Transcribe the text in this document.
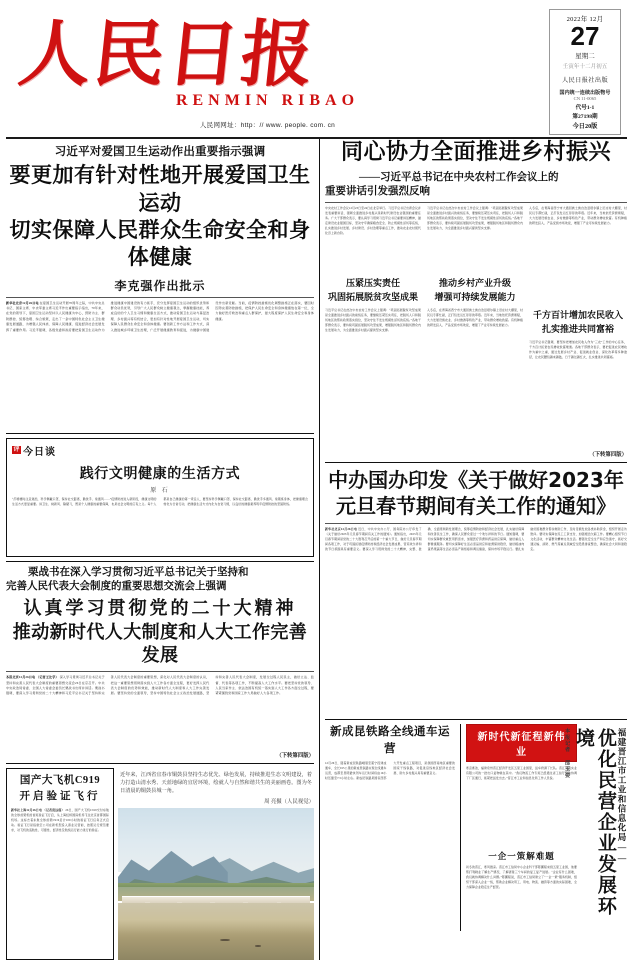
人民日报
RENMIN RIBAO
人民网网址：http：// www. people. com. cn
2022年 12月
27
星期二
壬寅年十二月初五
人民日报社出版
国内统一连续出版物号
CN 11-0065
代号1-1
第27198期
今日20版
习近平对爱国卫生运动作出重要指示强调
要更加有针对性地开展爱国卫生运动
切实保障人民群众生命安全和身体健康
李克强作出批示

新华社北京12月26日电 在爱国卫生运动开展70周年之际，中共中央总书记、国家主席、中央军委主席习近平作出重要指示指出，70年来，在党的领导下，爱国卫生运动坚持以人民健康为中心，预防为主、群防群控、统筹治理、综合施策，走出了一条中国特色社会主义卫生健康发展道路，为增强人民体质、保障人民健康、促进经济社会发展发挥了重要作用。习近平强调，各级党委和政府要把爱国卫生运动作为推进健康中国建设的有力抓手，充分发挥爱国卫生运动的组织优势和群众动员优势，引导广大人民群众树立健康观念，掌握健康技能，养成良好的个人卫生习惯和健康生活方式，推动爱国卫生运动与基层治理、乡村振兴等有机结合，更加有针对性地开展爱国卫生运动，切实保障人民群众生命安全和身体健康。要创新工作方法和工作方式，深入推进城乡环境卫生治理，广泛开展健康教育和促进，为健康中国建设作出新贡献。当前，疫情防控措施优化调整措施正在落实，要因时因势完善防控措施，把保护人民生命安全和身体健康放在第一位，全力做好医疗救治和重点人群保护，最大程度保护人民生命安全和身体健康。

评 今日谈
践行文明健康的生活方式
原 石

“打喷嚏时注意遮挡，科学佩戴口罩，保持社交距离，勤洗手、常通风……”疫情防控进入新阶段，健康文明的生活方式更显重要。讲卫生、树新风、除陋习，既是个人健康的重要保障，也是社会文明的应有之义。每个人都是自己健康的第一责任人，要坚持科学佩戴口罩、保持社交距离、勤洗手多通风、常锻炼身体，把健康理念转化为日常行动，把健康生活方式内化为自觉习惯，以良好的健康素养筑牢疫情防控的坚固防线。

栗战书在深入学习贯彻习近平总书记关于坚持和
完善人民代表大会制度的重要思想交流会上强调
认真学习贯彻党的二十大精神
推动新时代人大制度和人大工作完善发展

本报北京12月26日电 （记者王比学） 深入学习贯彻习近平总书记关于坚持和完善人民代表大会制度的重要思想交流会26日在京召开。中共中央政治局常委、全国人大常委会委员长栗战书出席并讲话。栗战书强调，要深入学习贯彻党的二十大精神和习近平总书记关于坚持和完善人民代表大会制度的重要思想，深化对人民代表大会制度的认识，把这一重要思想贯彻落实到人大工作各方面全过程，更好发挥人民代表大会制度的优势和效能，推动新时代人大制度和人大工作完善发展。要坚持党的全面领导，坚持中国特色社会主义政治发展道路，坚持和完善人民代表大会制度，发展全过程人民民主，做好立法、监督、代表等各项工作，不断提高人大工作水平。要把坚持党的领导、人民当家作主、依法治国有机统一落实到人大工作各方面全过程，要紧紧围绕党和国家工作大局做好人大各项工作。

（下转第四版）
国产大飞机C919
开启验证飞行
新华社上海12月26日电 （记者贾远琨） 26日，国产大飞机C919交付东航的全球首架机的首班验证飞行启，从上海虹桥国际机场飞往北京首都国际机场。这标志着东航全球首架C919启计100小时的验证飞行任务正式启动。验证飞行是指航空公司在新机型投入商业运营前，按照运行规范要求，对飞机的适航性、可靠性、经济性及航线运行能力进行的验证。
近年来，江西省宜春市铜鼓县坚持生态优先、绿色发展，持续推进生态文明建设，着力打造山清水秀、天蓝地绿的宜居环境，绘就人与自然和谐共生的美丽画卷。图为冬日清晨的铜鼓县城一角。
周 亮摄（人民视觉）
同心协力全面推进乡村振兴
——习近平总书记在中央农村工作会议上的
重要讲话引发强烈反响
中央农村工作会议12月23日至24日在北京举行。习近平总书记出席会议并发表重要讲话，强调全面推进乡村振兴是新时代建设农业强国的重要任务。广大干部群众表示，要认真学习贯彻习近平总书记重要讲话精神，锚定建设农业强国目标，坚决守牢确保粮食安全、防止规模性返贫等底线，扎实推进乡村发展、乡村建设、乡村治理等重点工作，推动农业农村现代化迈上新台阶。
压紧压实责任
巩固拓展脱贫攻坚成果
习近平总书记在此次中央农村工作会议上强调：“巩固拓展脱贫攻坚成果是全面推进乡村振兴的前线任务，要继续压紧压实责任，把脱贫人口和脱贫地区的帮扶政策落实到位，坚决守住不发生规模性返贫的底线。”各地干部群众表示，要持续巩固拓展脱贫攻坚成果，增强脱贫地区和脱贫群众内生发展动力，为全面推进乡村振兴提供坚实支撑。
习近平总书记在此次中央农村工作会议上强调：“巩固拓展脱贫攻坚成果是全面推进乡村振兴的前线任务，要继续压紧压实责任，把脱贫人口和脱贫地区的帮扶政策落实到位，坚决守住不发生规模性返贫的底线。”各地干部群众表示，要持续巩固拓展脱贫攻坚成果，增强脱贫地区和脱贫群众内生发展动力，为全面推进乡村振兴提供坚实支撑。
推动乡村产业升级
增强可持续发展能力
入冬后，在青海省西宁市大通回族土族自治县塔尔镇上旧庄村大棚里，村民们专都忙碌，正打包发运红彤彤的草莓。近年来，当地依托资源禀赋，大力发展设施农业、乡村旅游等特色产业，带动群众增收致富。有机种植的研发投入、产品受到市场欢迎，增强了产业可持续发展能力。
入冬后，在青海省西宁市大通回族土族自治县塔尔镇上旧庄村大棚里，村民们专都忙碌，正打包发运红彤彤的草莓。近年来，当地依托资源禀赋，大力发展设施农业、乡村旅游等特色产业，带动群众增收致富。有机种植的研发投入、产品受到市场欢迎，增强了产业可持续发展能力。
千方百计增加农民收入
扎实推进共同富裕
习近平总书记强调，要坚持把增加农民收入作为“三农”工作的中心任务，千方百计拓宽农民增收致富渠道。各地干部群众表示，要把促进农民增收作为重中之重，通过发展乡村产业、促进就业创业、深化改革等多种途径，让农民腰包越来越鼓、日子越过越红火，扎实推进共同富裕。
（下转第四版）
中办国办印发《关于做好2023年
元旦春节期间有关工作的通知》

新华社北京12月26日电 近日，中共中央办公厅、国务院办公厅印发了《关于做好2023年元旦春节期间有关工作的通知》。通知指出，2023年元旦春节期间是党的二十大胜利召开后的第一个重大节日，做好元旦春节期间各项工作，对于巩固拓展疫情防控和经济社会发展成果、营造欢乐祥和的节日氛围具有重要意义。要深入学习贯彻党的二十大精神，完整、准确、全面贯彻新发展理念，统筹疫情防控和经济社会发展，扎实做好保障和改善民生工作，确保人民群众度过一个欢乐祥和的节日。通知强调，要切实保障群众就医用药需求，加强医疗资源和药品供应保障，做好重点人群健康服务。要切实保障好生活必需品供应和能源保供稳价，做好粮油肉蛋奶果蔬等生活必需品产销衔接和调运储备，保持市场平稳运行。要扎实做好困难群众帮扶救助工作，及时足额发放各类补助资金，组织开展走访慰问。要切实保障农民工工资支付，加强根治欠薪工作。要精心组织节日文化活动，丰富群众精神文化生活。要强化安全生产和应急值守，抓好交通运输、消防、燃气等重点领域安全隐患排查整治，确保社会大局和谐稳定。

新成昆铁路全线通车运营

12月26日，随着新成昆铁路峨眉至冕宁段建成通车，全长915公里的新成昆铁路实现全线通车运营，成都至昆明最快列车运行时间将由19小时压缩至7.5小时左右。新成昆铁路是国家西部大开发重点工程项目，是我国西南地区重要的国家干线铁路，对促进沿线地区经济社会发展、助力乡村振兴具有重要意义。

新时代新征程新伟业
寒意渐浓，福建泉州晋江经济开发区五里工业园里，货车挤满了长队。晋江某利实业有限公司的一批出口货物就在其中。“我们物流工作专班已经通过省工信厅帮助协调了厂区通行，抓紧把货发出去。”晋江市工业和信息化局工作人员说。
一企一策解难题
初冬的晋江，寒风微凉。晋江市工信局中小企业科干部陈鹏程来到五里工业园，他要帮打利鞋业了解生产情况，了解清楚三个车间的复工复产进展。“企业有什么困难，我们就协调解决什么问题。”陈鹏程说，晋江市工信局建立了“一企一策”服务机制，组织干部深入企业一线，帮助企业解决用工、用电、物流、融资等方面的实际困难，全力保障企业稳定生产经营。
本报记者 邵玉姿	优化民营企业发展环境	福建晋江市工业和信息化局——
